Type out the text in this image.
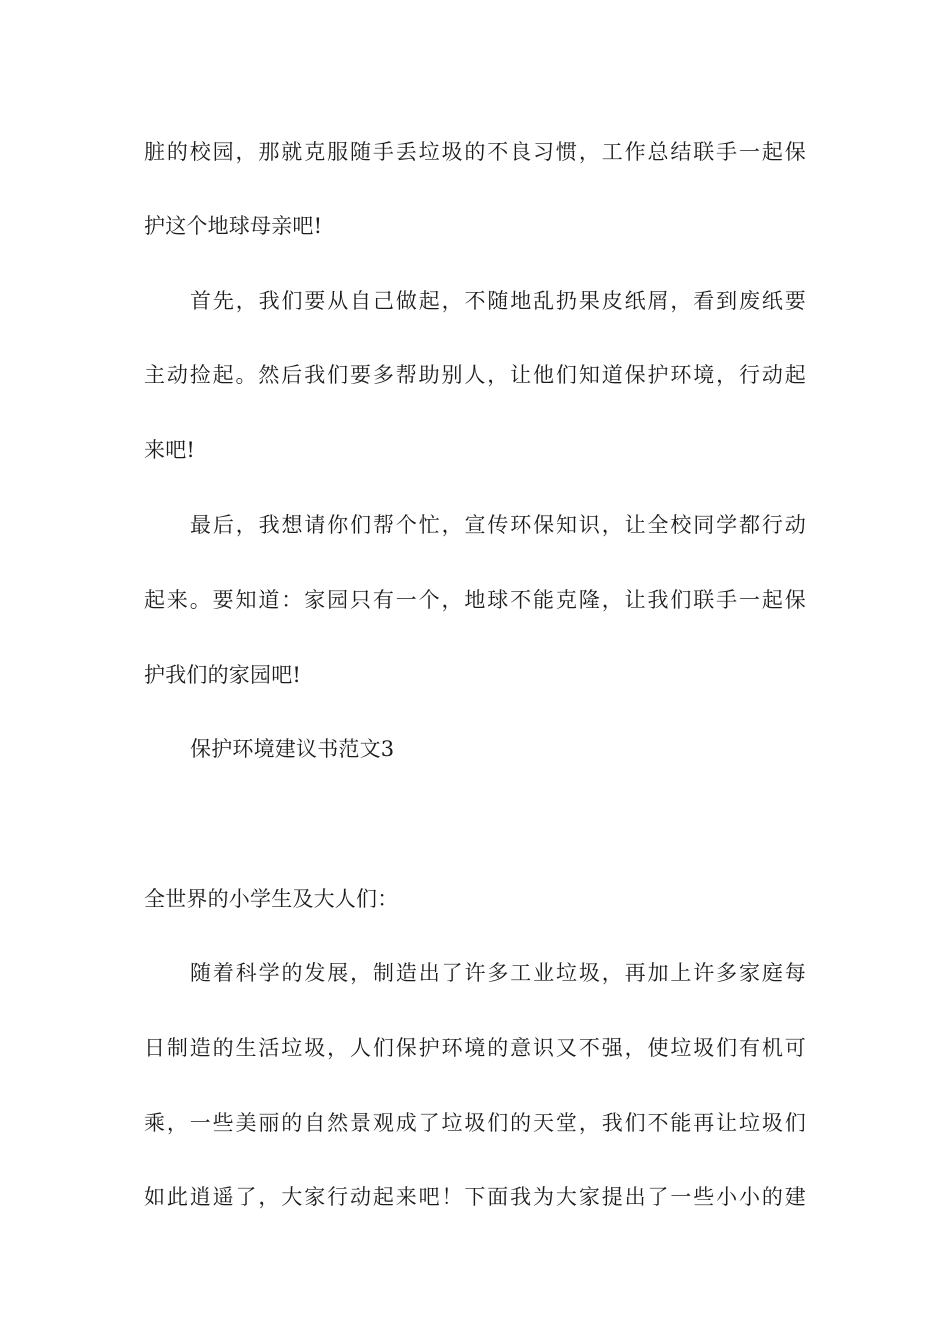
脏的校园，那就克服随手丢垃圾的不良习惯，工作总结联手一起保
护这个地球母亲吧!
首先，我们要从自己做起，不随地乱扔果皮纸屑，看到废纸要
主动捡起。然后我们要多帮助别人，让他们知道保护环境，行动起
来吧!
最后，我想请你们帮个忙，宣传环保知识，让全校同学都行动
起来。要知道：家园只有一个，地球不能克隆，让我们联手一起保
护我们的家园吧!
保护环境建议书范文3
全世界的小学生及大人们：
随着科学的发展，制造出了许多工业垃圾，再加上许多家庭每
日制造的生活垃圾，人们保护环境的意识又不强，使垃圾们有机可
乘，一些美丽的自然景观成了垃圾们的天堂，我们不能再让垃圾们
如此逍遥了，大家行动起来吧！下面我为大家提出了一些小小的建
